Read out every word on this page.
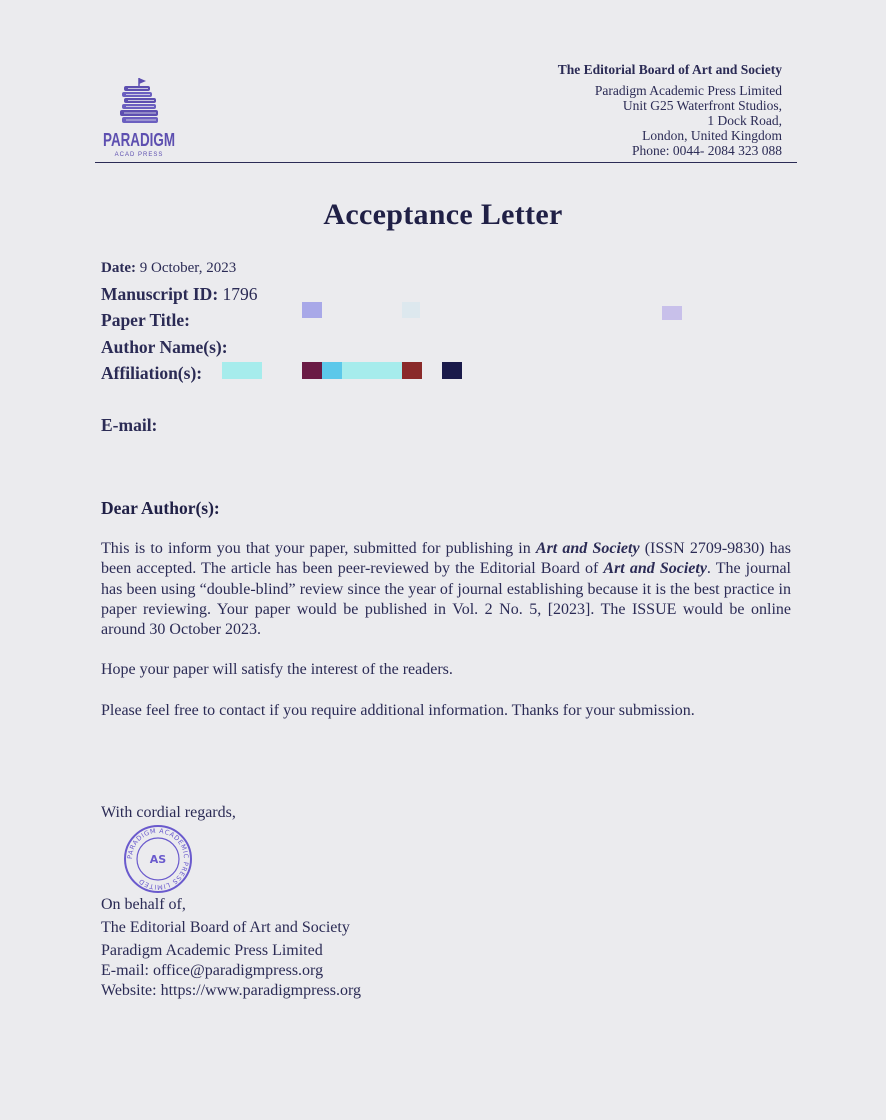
PARADIGM
ACAD PRESS
The Editorial Board of Art and Society
Paradigm Academic Press Limited
Unit G25 Waterfront Studios,
1 Dock Road,
London, United Kingdom
Phone: 0044- 2084 323 088
Acceptance Letter
Date: 9 October, 2023
Manuscript ID: 1796
Paper Title:
Author Name(s):
Affiliation(s):
E-mail:
Dear Author(s):
This is to inform you that your paper, submitted for publishing in Art and Society (ISSN 2709-9830) has been accepted. The article has been peer-reviewed by the Editorial Board of Art and Society. The journal has been using “double-blind” review since the year of journal establishing because it is the best practice in paper reviewing. Your paper would be published in Vol. 2 No. 5, [2023]. The ISSUE would be online around 30 October 2023.
Hope your paper will satisfy the interest of the readers.
Please feel free to contact if you require additional information. Thanks for your submission.
With cordial regards,
PARADIGM ACADEMIC PRESS LIMITED
AS
On behalf of,
The Editorial Board of Art and Society
Paradigm Academic Press Limited
E-mail: office@paradigmpress.org
Website: https://www.paradigmpress.org
